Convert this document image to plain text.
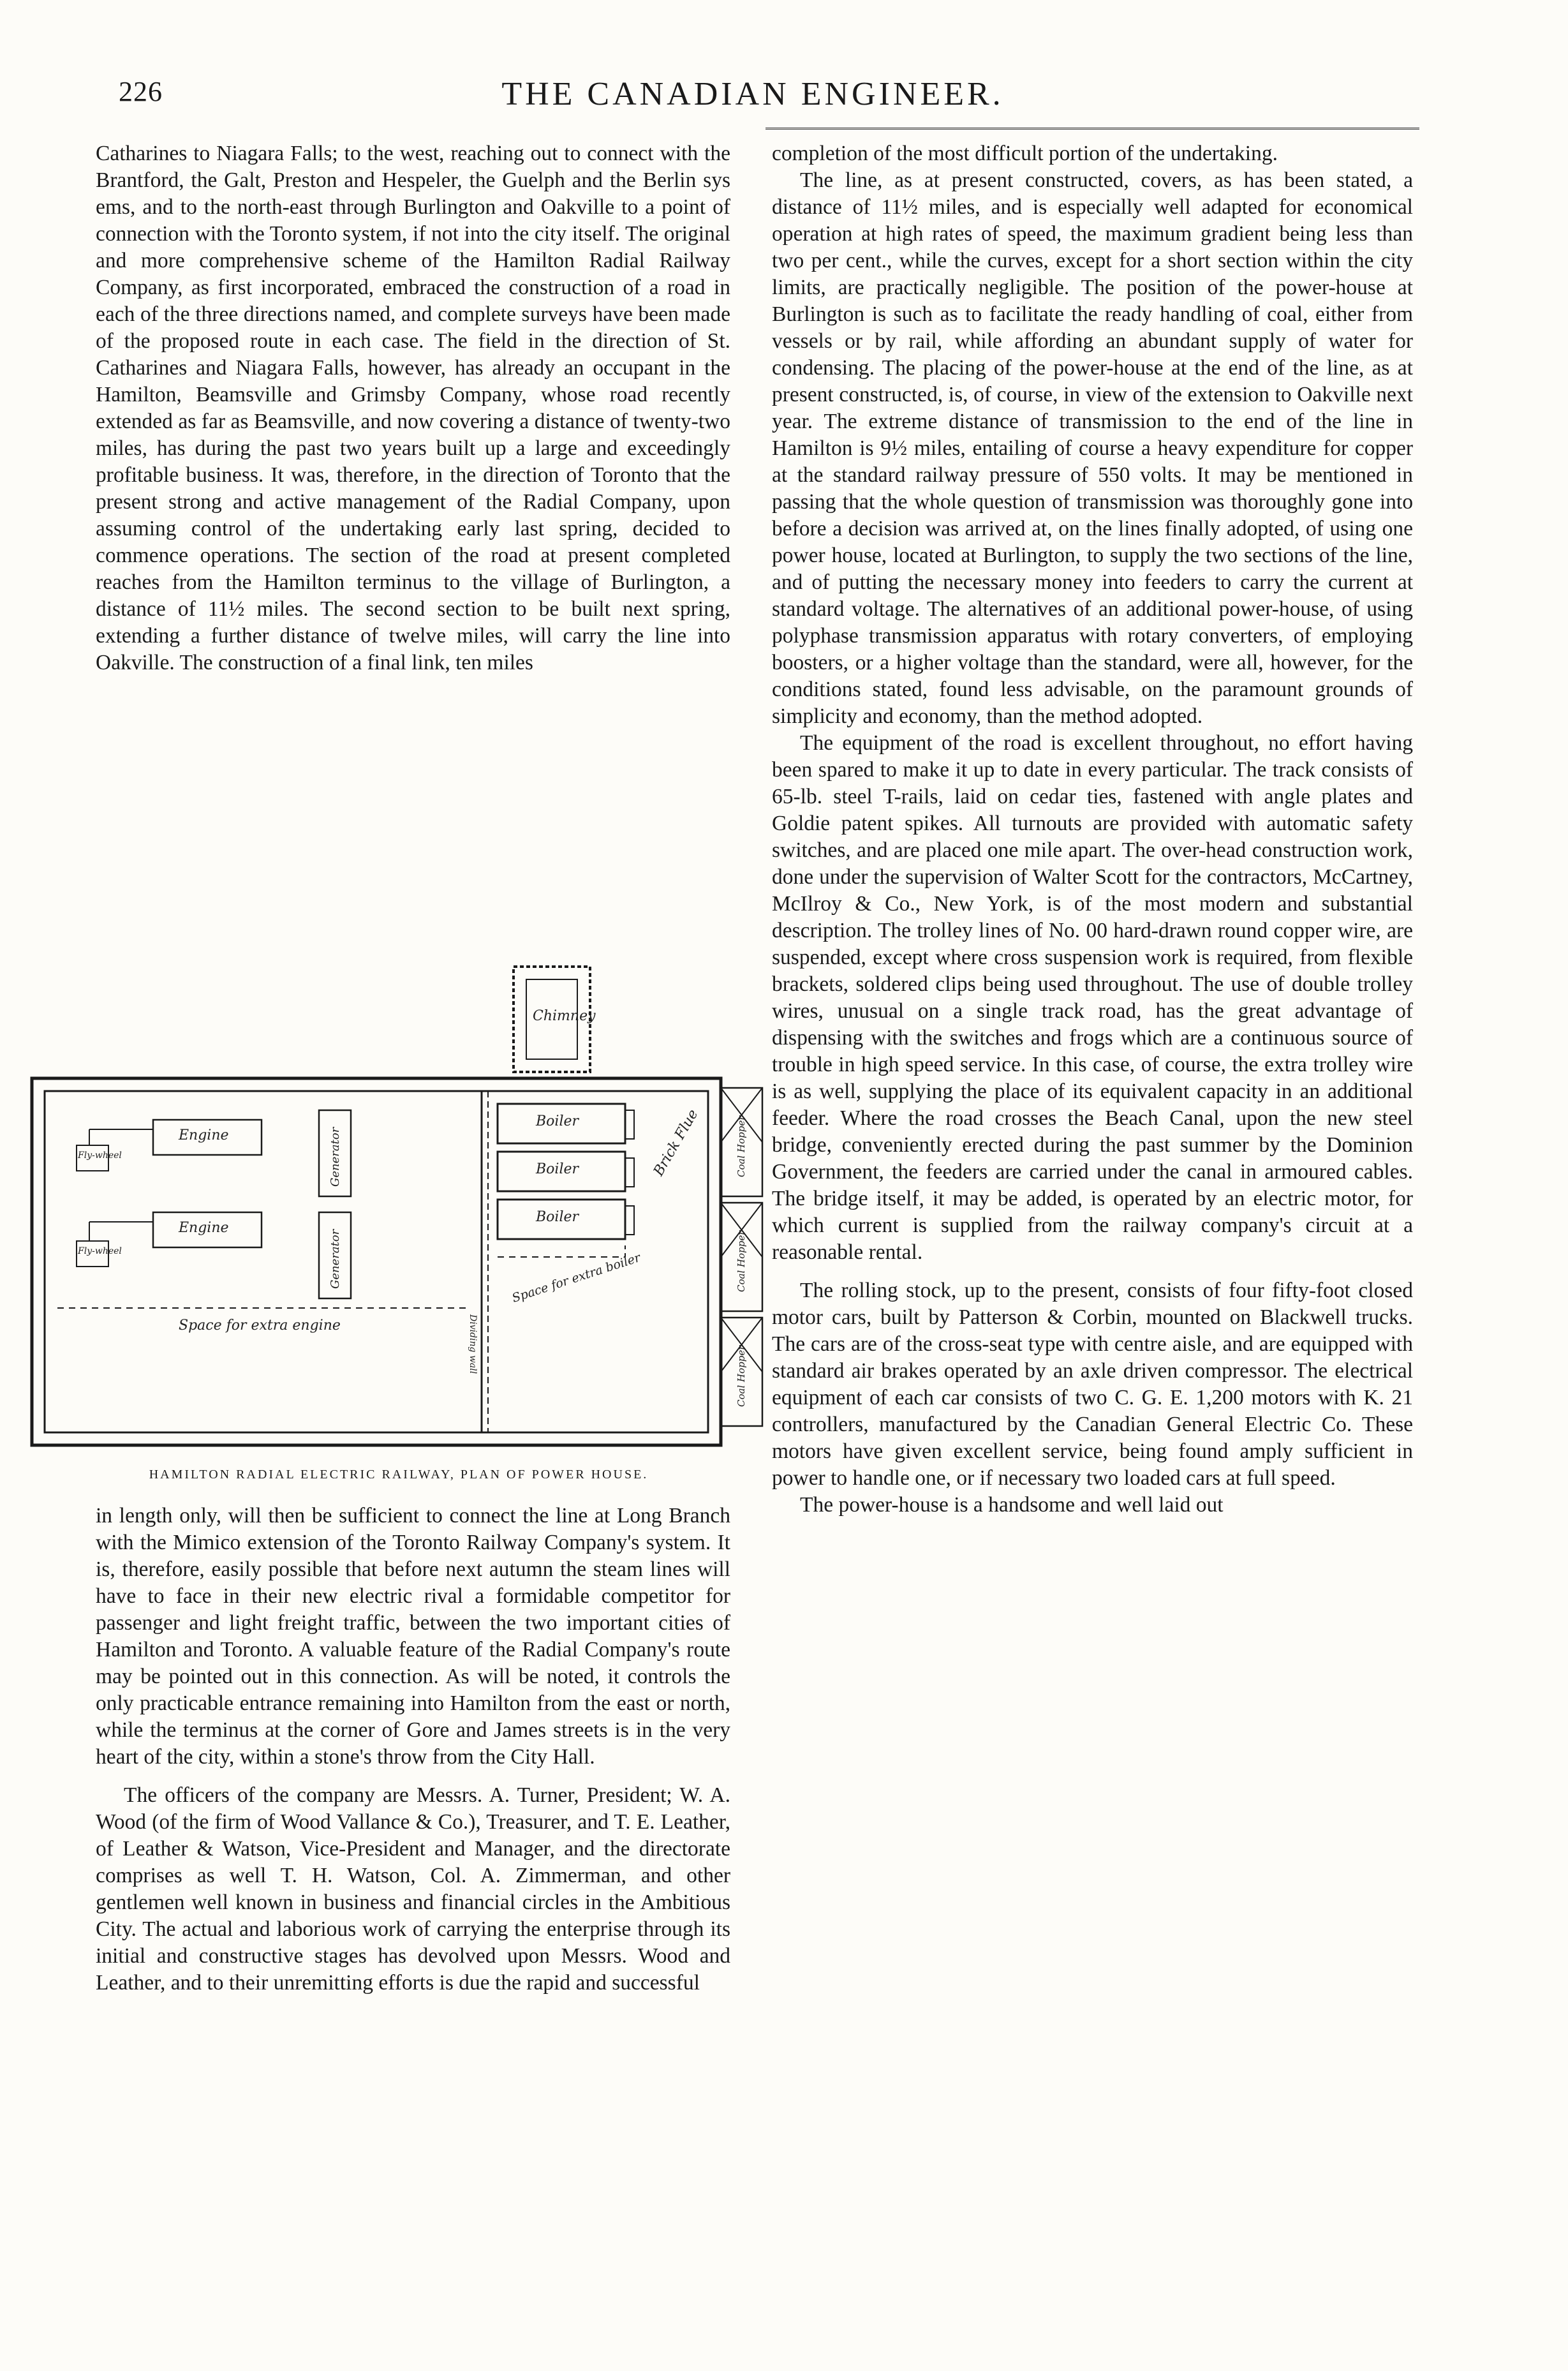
226	THE CANADIAN ENGINEER.

Catharines to Niagara Falls; to the west, reaching out to connect with the Brantford, the Galt, Preston and Hespeler, the Guelph and the Berlin sys ems, and to the north-east through Burlington and Oakville to a point of connection with the Toronto system, if not into the city itself. The original and more comprehensive scheme of the Hamilton Radial Railway Company, as first incorporated, embraced the construction of a road in each of the three directions named, and complete surveys have been made of the proposed route in each case. The field in the direction of St. Catharines and Niagara Falls, however, has already an occupant in the Hamilton, Beamsville and Grimsby Company, whose road recently extended as far as Beamsville, and now covering a distance of twenty-two miles, has during the past two years built up a large and exceedingly profitable business. It was, therefore, in the direction of Toronto that the present strong and active management of the Radial Company, upon assuming control of the undertaking early last spring, decided to commence operations. The section of the road at present completed reaches from the Hamilton terminus to the village of Burlington, a distance of 11½ miles. The second section to be built next spring, extending a further distance of twelve miles, will carry the line into Oakville. The construction of a final link, ten miles

Chimney
Engine
Engine
Fly-wheel
Fly-wheel
Generator
Generator
Boiler
Boiler
Boiler
Brick Flue
Space for extra boiler
Space for extra engine
Coal Hopper
Coal Hopper
Coal Hopper
Dividing wall
HAMILTON RADIAL ELECTRIC RAILWAY, PLAN OF POWER HOUSE.

in length only, will then be sufficient to connect the line at Long Branch with the Mimico extension of the Toronto Railway Company's system. It is, therefore, easily possible that before next autumn the steam lines will have to face in their new electric rival a formidable competitor for passenger and light freight traffic, between the two important cities of Hamilton and Toronto. A valuable feature of the Radial Company's route may be pointed out in this connection. As will be noted, it controls the only practicable entrance remaining into Hamilton from the east or north, while the terminus at the corner of Gore and James streets is in the very heart of the city, within a stone's throw from the City Hall.

The officers of the company are Messrs. A. Turner, President; W. A. Wood (of the firm of Wood Vallance & Co.), Treasurer, and T. E. Leather, of Leather & Watson, Vice-President and Manager, and the directorate comprises as well T. H. Watson, Col. A. Zimmerman, and other gentlemen well known in business and financial circles in the Ambitious City. The actual and laborious work of carrying the enterprise through its initial and constructive stages has devolved upon Messrs. Wood and Leather, and to their unremitting efforts is due the rapid and successful

completion of the most difficult portion of the undertaking.

The line, as at present constructed, covers, as has been stated, a distance of 11½ miles, and is especially well adapted for economical operation at high rates of speed, the maximum gradient being less than two per cent., while the curves, except for a short section within the city limits, are practically negligible. The position of the power-house at Burlington is such as to facilitate the ready handling of coal, either from vessels or by rail, while affording an abundant supply of water for condensing. The placing of the power-house at the end of the line, as at present constructed, is, of course, in view of the extension to Oakville next year. The extreme distance of transmission to the end of the line in Hamilton is 9½ miles, entailing of course a heavy expenditure for copper at the standard railway pressure of 550 volts. It may be mentioned in passing that the whole question of transmission was thoroughly gone into before a decision was arrived at, on the lines finally adopted, of using one power house, located at Burlington, to supply the two sections of the line, and of putting the necessary money into feeders to carry the current at standard voltage. The alternatives of an additional power-house, of using polyphase transmission apparatus with rotary converters, of employing boosters, or a higher voltage than the standard, were all, however, for the conditions stated, found less advisable, on the paramount grounds of simplicity and economy, than the method adopted.

The equipment of the road is excellent throughout, no effort having been spared to make it up to date in every particular. The track consists of 65-lb. steel T-rails, laid on cedar ties, fastened with angle plates and Goldie patent spikes. All turnouts are provided with automatic safety switches, and are placed one mile apart. The over-head construction work, done under the supervision of Walter Scott for the contractors, McCartney, McIlroy & Co., New York, is of the most modern and substantial description. The trolley lines of No. 00 hard-drawn round copper wire, are suspended, except where cross suspension work is required, from flexible brackets, soldered clips being used throughout. The use of double trolley wires, unusual on a single track road, has the great advantage of dispensing with the switches and frogs which are a continuous source of trouble in high speed service. In this case, of course, the extra trolley wire is as well, supplying the place of its equivalent capacity in an additional feeder. Where the road crosses the Beach Canal, upon the new steel bridge, conveniently erected during the past summer by the Dominion Government, the feeders are carried under the canal in armoured cables. The bridge itself, it may be added, is operated by an electric motor, for which current is supplied from the railway company's circuit at a reasonable rental.

The rolling stock, up to the present, consists of four fifty-foot closed motor cars, built by Patterson & Corbin, mounted on Blackwell trucks. The cars are of the cross-seat type with centre aisle, and are equipped with standard air brakes operated by an axle driven compressor. The electrical equipment of each car consists of two C. G. E. 1,200 motors with K. 21 controllers, manufactured by the Canadian General Electric Co. These motors have given excellent service, being found amply sufficient in power to handle one, or if necessary two loaded cars at full speed.

The power-house is a handsome and well laid out
